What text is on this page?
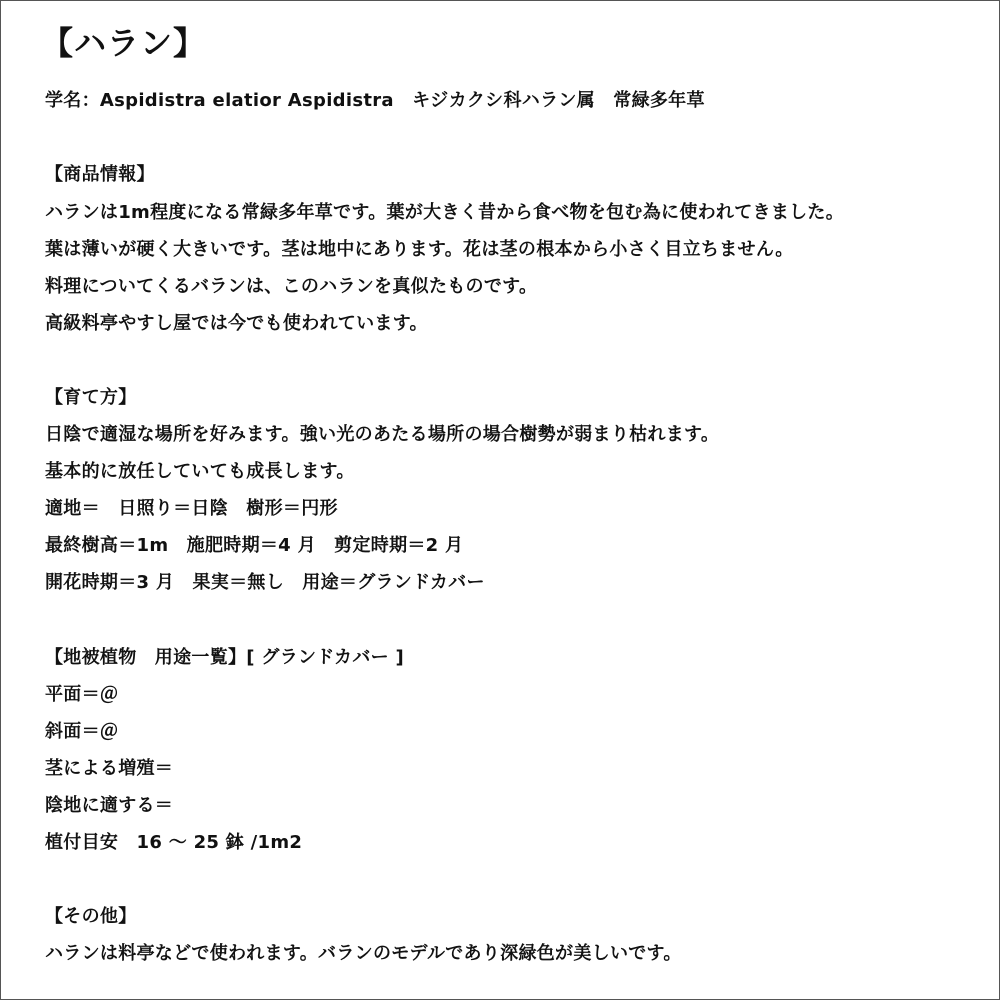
【ハラン】
学名：Aspidistra elatior Aspidistra　キジカクシ科ハラン属　常緑多年草
【商品情報】
ハランは1m程度になる常緑多年草です。葉が大きく昔から食べ物を包む為に使われてきました。
葉は薄いが硬く大きいです。茎は地中にあります。花は茎の根本から小さく目立ちません。
料理についてくるバランは、このハランを真似たものです。
高級料亭やすし屋では今でも使われています。
【育て方】
日陰で適湿な場所を好みます。強い光のあたる場所の場合樹勢が弱まり枯れます。
基本的に放任していても成長します。
適地＝　日照り＝日陰　樹形＝円形
最終樹高＝1m　施肥時期＝4 月　剪定時期＝2 月
開花時期＝3 月　果実＝無し　用途＝グランドカバー
【地被植物　用途一覧】[ グランドカバー ]
平面＝＠
斜面＝＠
茎による増殖＝
陰地に適する＝
植付目安　16 ～ 25 鉢 /1m2
【その他】
ハランは料亭などで使われます。バランのモデルであり深緑色が美しいです。
